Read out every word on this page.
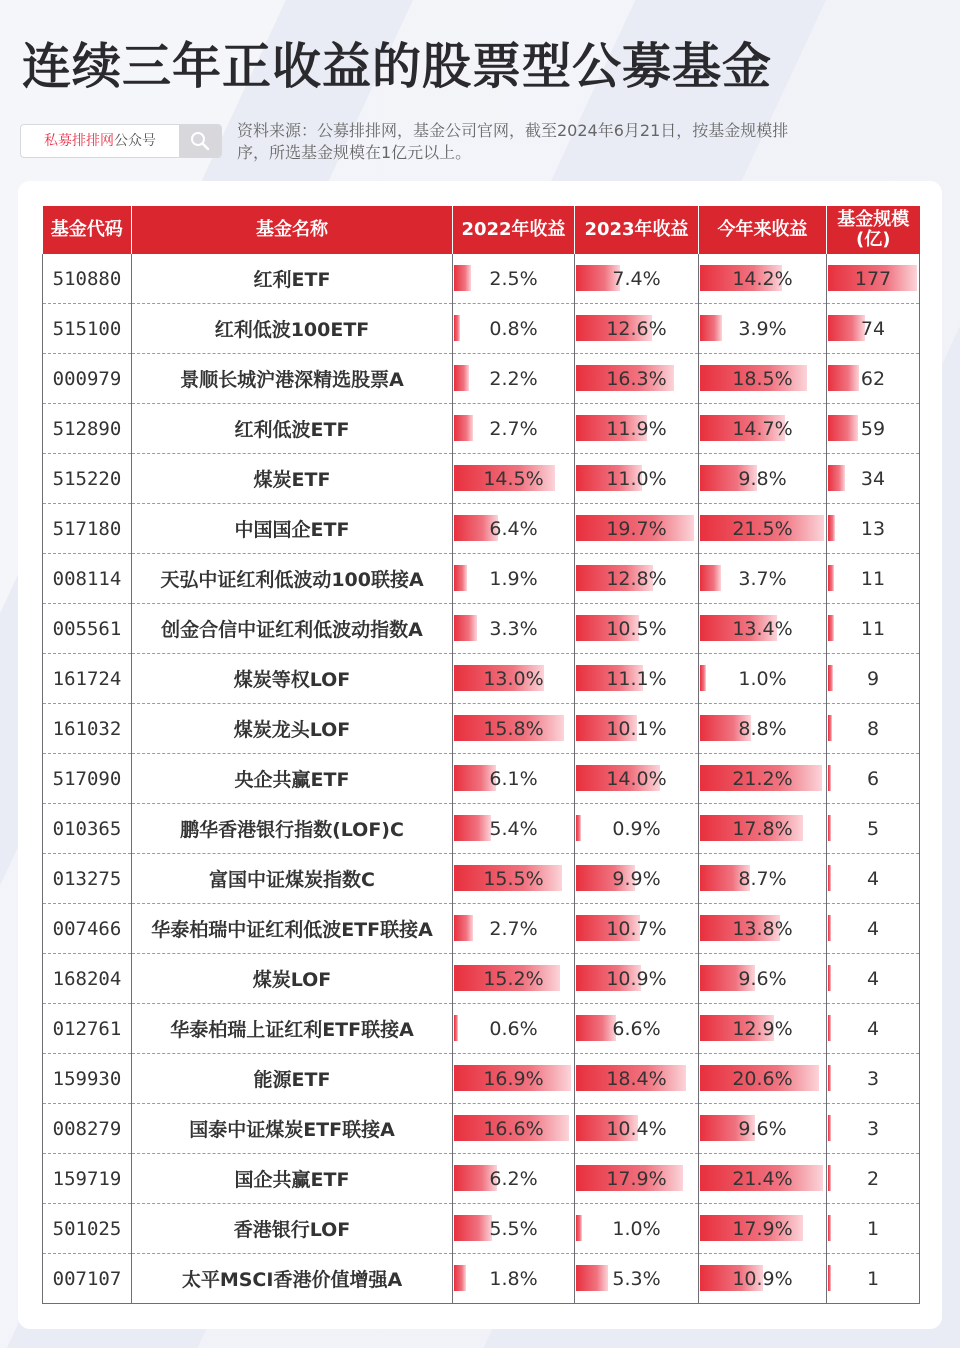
连续三年正收益的股票型公募基金
私募排排网公众号
资料来源：公募排排网，基金公司官网，截至2024年6月21日，按基金规模排序，所选基金规模在1亿元以上。
基金代码	基金名称	2022年收益	2023年收益	今年来收益	基金规模(亿)
510880	红利ETF	2.5%	7.4%	14.2%	177
515100	红利低波100ETF	0.8%	12.6%	3.9%	74
000979	景顺长城沪港深精选股票A	2.2%	16.3%	18.5%	62
512890	红利低波ETF	2.7%	11.9%	14.7%	59
515220	煤炭ETF	14.5%	11.0%	9.8%	34
517180	中国国企ETF	6.4%	19.7%	21.5%	13
008114	天弘中证红利低波动100联接A	1.9%	12.8%	3.7%	11
005561	创金合信中证红利低波动指数A	3.3%	10.5%	13.4%	11
161724	煤炭等权LOF	13.0%	11.1%	1.0%	9
161032	煤炭龙头LOF	15.8%	10.1%	8.8%	8
517090	央企共赢ETF	6.1%	14.0%	21.2%	6
010365	鹏华香港银行指数(LOF)C	5.4%	0.9%	17.8%	5
013275	富国中证煤炭指数C	15.5%	9.9%	8.7%	4
007466	华泰柏瑞中证红利低波ETF联接A	2.7%	10.7%	13.8%	4
168204	煤炭LOF	15.2%	10.9%	9.6%	4
012761	华泰柏瑞上证红利ETF联接A	0.6%	6.6%	12.9%	4
159930	能源ETF	16.9%	18.4%	20.6%	3
008279	国泰中证煤炭ETF联接A	16.6%	10.4%	9.6%	3
159719	国企共赢ETF	6.2%	17.9%	21.4%	2
501025	香港银行LOF	5.5%	1.0%	17.9%	1
007107	太平MSCI香港价值增强A	1.8%	5.3%	10.9%	1
